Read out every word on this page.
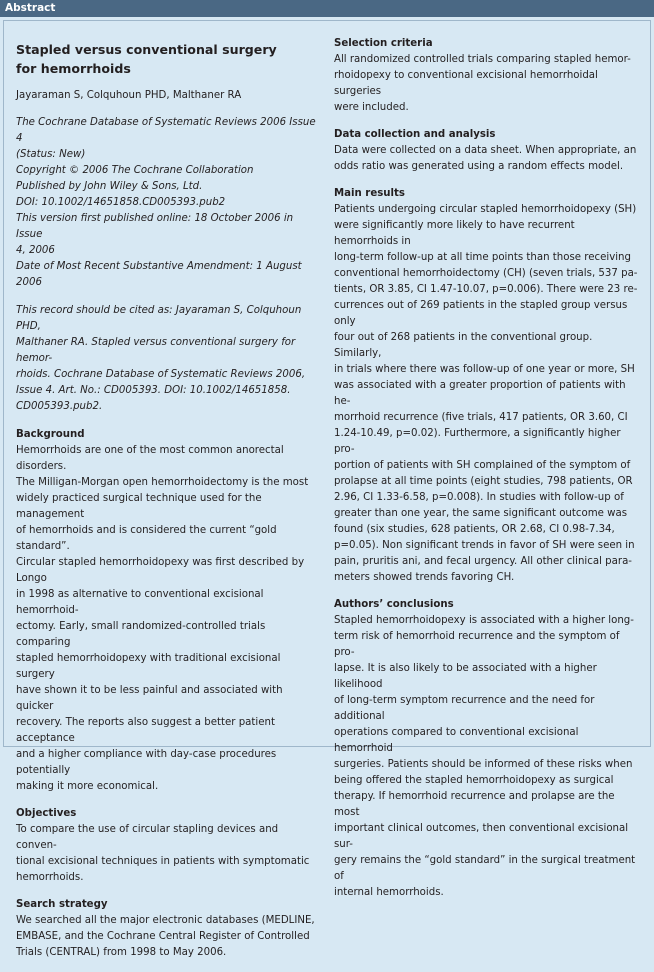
Abstract
Stapled versus conventional surgery
for hemorrhoids
Jayaraman S, Colquhoun PHD, Malthaner RA
The Cochrane Database of Systematic Reviews 2006 Issue 4
(Status: New)
Copyright © 2006 The Cochrane Collaboration
Published by John Wiley & Sons, Ltd.
DOI: 10.1002/14651858.CD005393.pub2
This version first published online: 18 October 2006 in Issue
4, 2006
Date of Most Recent Substantive Amendment: 1 August 2006
This record should be cited as: Jayaraman S, Colquhoun PHD,
Malthaner RA. Stapled versus conventional surgery for hemor-
rhoids. Cochrane Database of Systematic Reviews 2006,
Issue 4. Art. No.: CD005393. DOI: 10.1002/14651858.
CD005393.pub2.
Background
Hemorrhoids are one of the most common anorectal disorders.
The Milligan-Morgan open hemorrhoidectomy is the most
widely practiced surgical technique used for the management
of hemorrhoids and is considered the current “gold standard”.
Circular stapled hemorrhoidopexy was first described by Longo
in 1998 as alternative to conventional excisional hemorrhoid-
ectomy. Early, small randomized-controlled trials comparing
stapled hemorrhoidopexy with traditional excisional surgery
have shown it to be less painful and associated with quicker
recovery. The reports also suggest a better patient acceptance
and a higher compliance with day-case procedures potentially
making it more economical.
Objectives
To compare the use of circular stapling devices and conven-
tional excisional techniques in patients with symptomatic
hemorrhoids.
Search strategy
We searched all the major electronic databases (MEDLINE,
EMBASE, and the Cochrane Central Register of Controlled
Trials (CENTRAL) from 1998 to May 2006.
Selection criteria
All randomized controlled trials comparing stapled hemor-
rhoidopexy to conventional excisional hemorrhoidal surgeries
were included.
Data collection and analysis
Data were collected on a data sheet. When appropriate, an
odds ratio was generated using a random effects model.
Main results
Patients undergoing circular stapled hemorrhoidopexy (SH)
were significantly more likely to have recurrent hemorrhoids in
long-term follow-up at all time points than those receiving
conventional hemorrhoidectomy (CH) (seven trials, 537 pa-
tients, OR 3.85, CI 1.47-10.07, p=0.006). There were 23 re-
currences out of 269 patients in the stapled group versus only
four out of 268 patients in the conventional group. Similarly,
in trials where there was follow-up of one year or more, SH
was associated with a greater proportion of patients with he-
morrhoid recurrence (five trials, 417 patients, OR 3.60, CI
1.24-10.49, p=0.02). Furthermore, a significantly higher pro-
portion of patients with SH complained of the symptom of
prolapse at all time points (eight studies, 798 patients, OR
2.96, CI 1.33-6.58, p=0.008). In studies with follow-up of
greater than one year, the same significant outcome was
found (six studies, 628 patients, OR 2.68, CI 0.98-7.34,
p=0.05). Non significant trends in favor of SH were seen in
pain, pruritis ani, and fecal urgency. All other clinical para-
meters showed trends favoring CH.
Authors’ conclusions
Stapled hemorrhoidopexy is associated with a higher long-
term risk of hemorrhoid recurrence and the symptom of pro-
lapse. It is also likely to be associated with a higher likelihood
of long-term symptom recurrence and the need for additional
operations compared to conventional excisional hemorrhoid
surgeries. Patients should be informed of these risks when
being offered the stapled hemorrhoidopexy as surgical
therapy. If hemorrhoid recurrence and prolapse are the most
important clinical outcomes, then conventional excisional sur-
gery remains the “gold standard” in the surgical treatment of
internal hemorrhoids.
